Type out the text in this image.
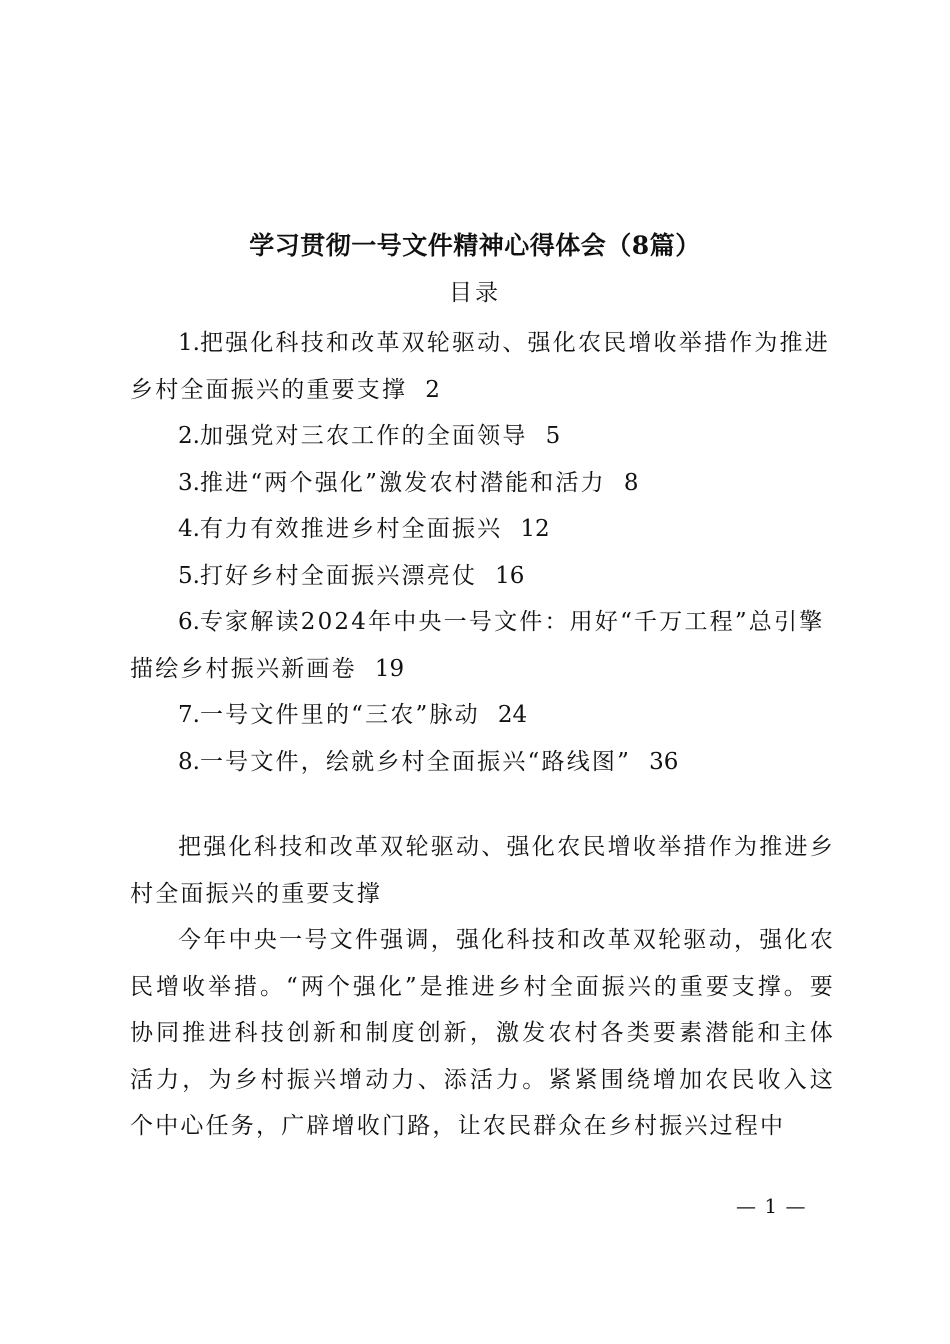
学习贯彻一号文件精神心得体会（8篇）
目录
1.把强化科技和改革双轮驱动、强化农民增收举措作为推进乡村全面振兴的重要支撑 2
2.加强党对三农工作的全面领导 5
3.推进“两个强化”激发农村潜能和活力 8
4.有力有效推进乡村全面振兴 12
5.打好乡村全面振兴漂亮仗 16
6.专家解读2024年中央一号文件：用好“千万工程”总引擎描绘乡村振兴新画卷 19
7.一号文件里的“三农”脉动 24
8.一号文件，绘就乡村全面振兴“路线图” 36

把强化科技和改革双轮驱动、强化农民增收举措作为推进乡村全面振兴的重要支撑

今年中央一号文件强调，强化科技和改革双轮驱动，强化农民增收举措。“两个强化”是推进乡村全面振兴的重要支撑。要协同推进科技创新和制度创新，激发农村各类要素潜能和主体活力，为乡村振兴增动力、添活力。紧紧围绕增加农民收入这个中心任务，广辟增收门路，让农民群众在乡村振兴过程中

— 1 —
